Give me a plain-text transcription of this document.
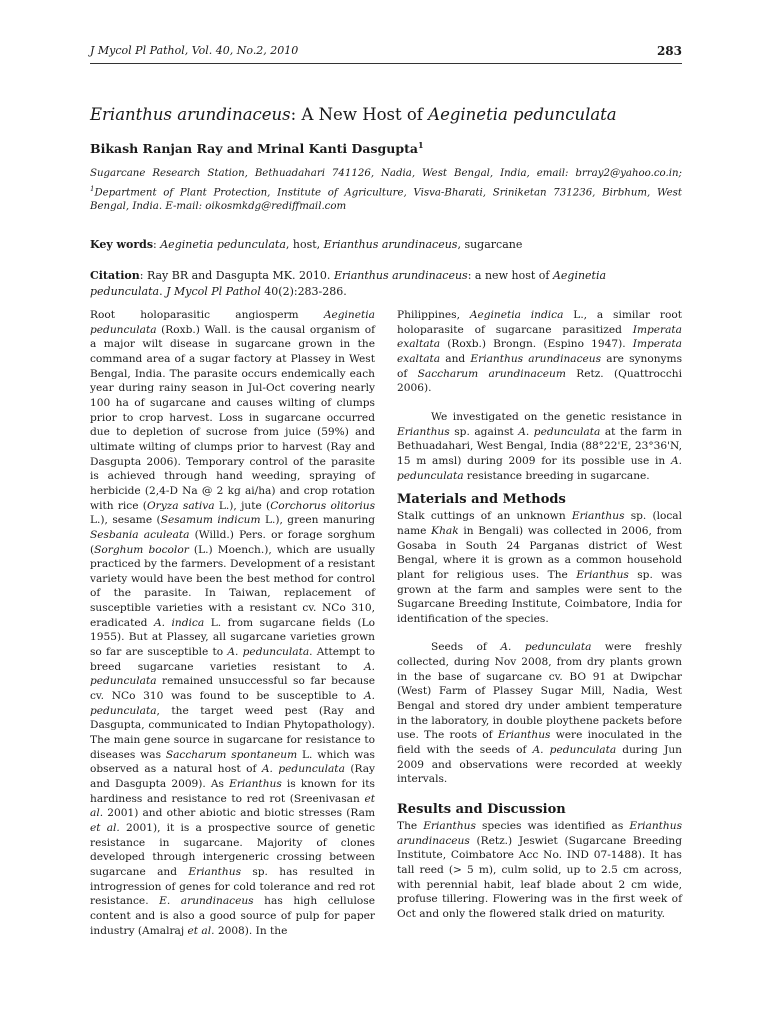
J Mycol Pl Pathol, Vol. 40, No.2, 2010	283
Erianthus arundinaceus: A New Host of Aeginetia pedunculata
Bikash Ranjan Ray and Mrinal Kanti Dasgupta$^1$
Sugarcane Research Station, Bethuadahari 741126, Nadia, West Bengal, India, email: brray2@yahoo.co.in; $^1$Department of Plant Protection, Institute of Agriculture, Visva-Bharati, Sriniketan 731236, Birbhum, West Bengal, India. E-mail: oikosmkdg@rediffmail.com
Key words: Aeginetia pedunculata, host, Erianthus arundinaceus, sugarcane
Citation: Ray BR and Dasgupta MK. 2010. Erianthus arundinaceus: a new host of Aeginetia pedunculata. J Mycol Pl Pathol 40(2):283-286.

Root holoparasitic angiosperm Aeginetia pedunculata (Roxb.) Wall. is the causal organism of a major wilt disease in sugarcane grown in the command area of a sugar factory at Plassey in West Bengal, India. The parasite occurs endemically each year during rainy season in Jul-Oct covering nearly 100 ha of sugarcane and causes wilting of clumps prior to crop harvest. Loss in sugarcane occurred due to depletion of sucrose from juice (59%) and ultimate wilting of clumps prior to harvest (Ray and Dasgupta 2006). Temporary control of the parasite is achieved through hand weeding, spraying of herbicide (2,4-D Na @ 2 kg ai/ha) and crop rotation with rice (Oryza sativa L.), jute (Corchorus olitorius L.), sesame (Sesamum indicum L.), green manuring Sesbania aculeata (Willd.) Pers. or forage sorghum (Sorghum bocolor (L.) Moench.), which are usually practiced by the farmers. Development of a resistant variety would have been the best method for control of the parasite. In Taiwan, replacement of susceptible varieties with a resistant cv. NCo 310, eradicated A. indica L. from sugarcane fields (Lo 1955). But at Plassey, all sugarcane varieties grown so far are susceptible to A. pedunculata. Attempt to breed sugarcane varieties resistant to A. pedunculata remained unsuccessful so far because cv. NCo 310 was found to be susceptible to A. pedunculata, the target weed pest (Ray and Dasgupta, communicated to Indian Phytopathology). The main gene source in sugarcane for resistance to diseases was Saccharum spontaneum L. which was observed as a natural host of A. pedunculata (Ray and Dasgupta 2009). As Erianthus is known for its hardiness and resistance to red rot (Sreenivasan et al. 2001) and other abiotic and biotic stresses (Ram et al. 2001), it is a prospective source of genetic resistance in sugarcane. Majority of clones developed through intergeneric crossing between sugarcane and Erianthus sp. has resulted in introgression of genes for cold tolerance and red rot resistance. E. arundinaceus has high cellulose content and is also a good source of pulp for paper industry (Amalraj et al. 2008). In the

Philippines, Aeginetia indica L., a similar root holoparasite of sugarcane parasitized Imperata exaltata (Roxb.) Brongn. (Espino 1947). Imperata exaltata and Erianthus arundinaceus are synonyms of Saccharum arundinaceum Retz. (Quattrocchi 2006).

We investigated on the genetic resistance in Erianthus sp. against A. pedunculata at the farm in Bethuadahari, West Bengal, India (88°22'E, 23°36'N, 15 m amsl) during 2009 for its possible use in A. pedunculata resistance breeding in sugarcane.

Materials and Methods

Stalk cuttings of an unknown Erianthus sp. (local name Khak in Bengali) was collected in 2006, from Gosaba in South 24 Parganas district of West Bengal, where it is grown as a common household plant for religious uses. The Erianthus sp. was grown at the farm and samples were sent to the Sugarcane Breeding Institute, Coimbatore, India for identification of the species.

Seeds of A. pedunculata were freshly collected, during Nov 2008, from dry plants grown in the base of sugarcane cv. BO 91 at Dwipchar (West) Farm of Plassey Sugar Mill, Nadia, West Bengal and stored dry under ambient temperature in the laboratory, in double ploythene packets before use. The roots of Erianthus were inoculated in the field with the seeds of A. pedunculata during Jun 2009 and observations were recorded at weekly intervals.

Results and Discussion

The Erianthus species was identified as Erianthus arundinaceus (Retz.) Jeswiet (Sugarcane Breeding Institute, Coimbatore Acc No. IND 07-1488). It has tall reed (> 5 m), culm solid, up to 2.5 cm across, with perennial habit, leaf blade about 2 cm wide, profuse tillering. Flowering was in the first week of Oct and only the flowered stalk dried on maturity.
